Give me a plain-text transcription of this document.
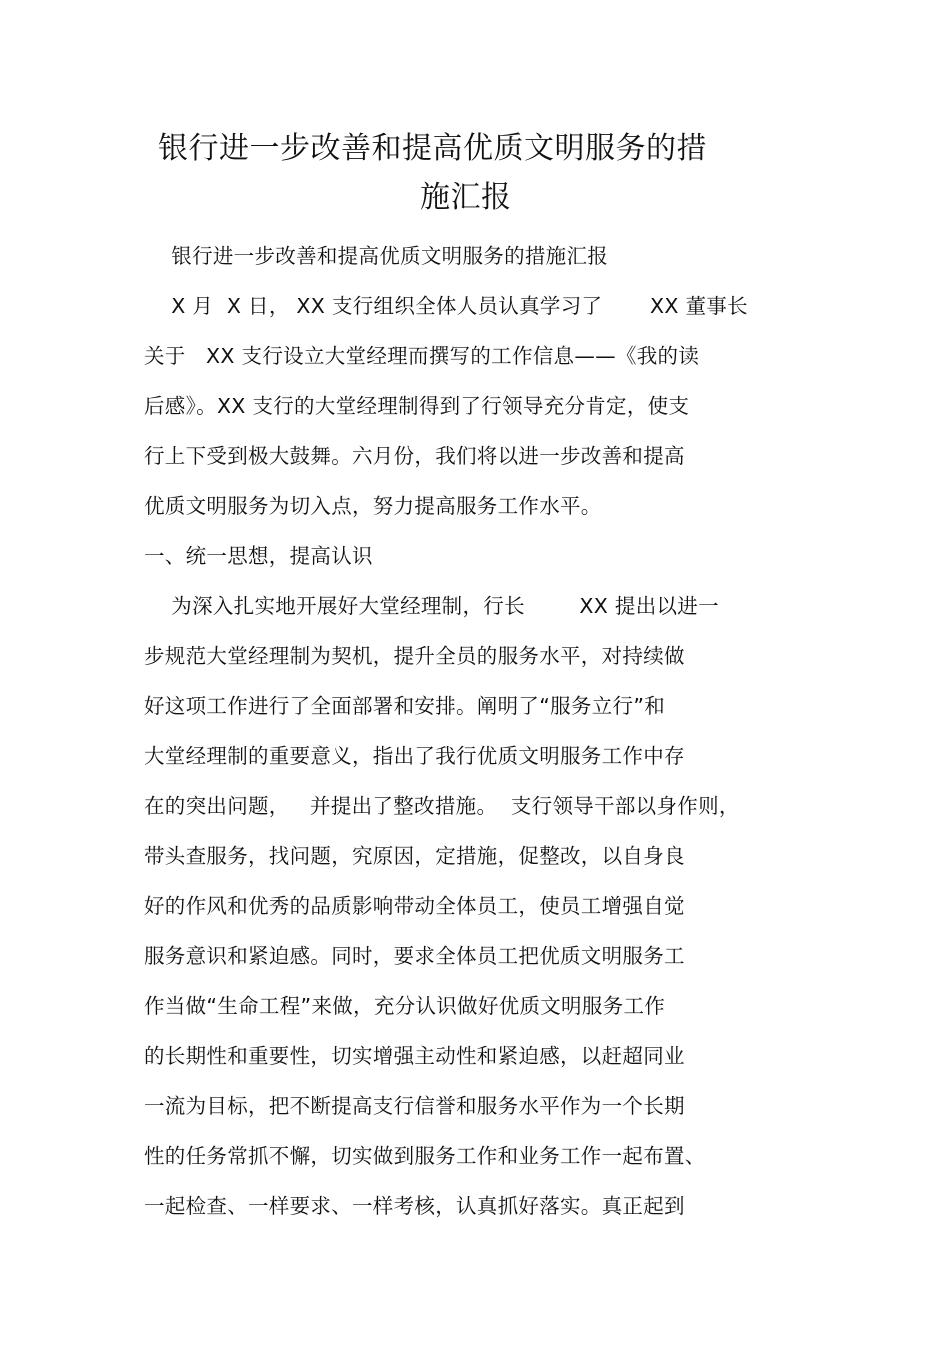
银行进一步改善和提高优质文明服务的措
施汇报
银行进一步改善和提高优质文明服务的措施汇报
X 月  X 日， XX 支行组织全体人员认真学习了       XX 董事长
关于   XX 支行设立大堂经理而撰写的工作信息——《我的读
后感》。XX 支行的大堂经理制得到了行领导充分肯定，使支
行上下受到极大鼓舞。六月份，我们将以进一步改善和提高
优质文明服务为切入点，努力提高服务工作水平。
一、统一思想，提高认识
为深入扎实地开展好大堂经理制，行长        XX 提出以进一
步规范大堂经理制为契机，提升全员的服务水平，对持续做
好这项工作进行了全面部署和安排。阐明了“服务立行”和
大堂经理制的重要意义，指出了我行优质文明服务工作中存
在的突出问题，   并提出了整改措施。  支行领导干部以身作则，
带头查服务，找问题，究原因，定措施，促整改，以自身良
好的作风和优秀的品质影响带动全体员工，使员工增强自觉
服务意识和紧迫感。同时，要求全体员工把优质文明服务工
作当做“生命工程”来做，充分认识做好优质文明服务工作
的长期性和重要性，切实增强主动性和紧迫感，以赶超同业
一流为目标，把不断提高支行信誉和服务水平作为一个长期
性的任务常抓不懈，切实做到服务工作和业务工作一起布置、
一起检查、一样要求、一样考核，认真抓好落实。真正起到
